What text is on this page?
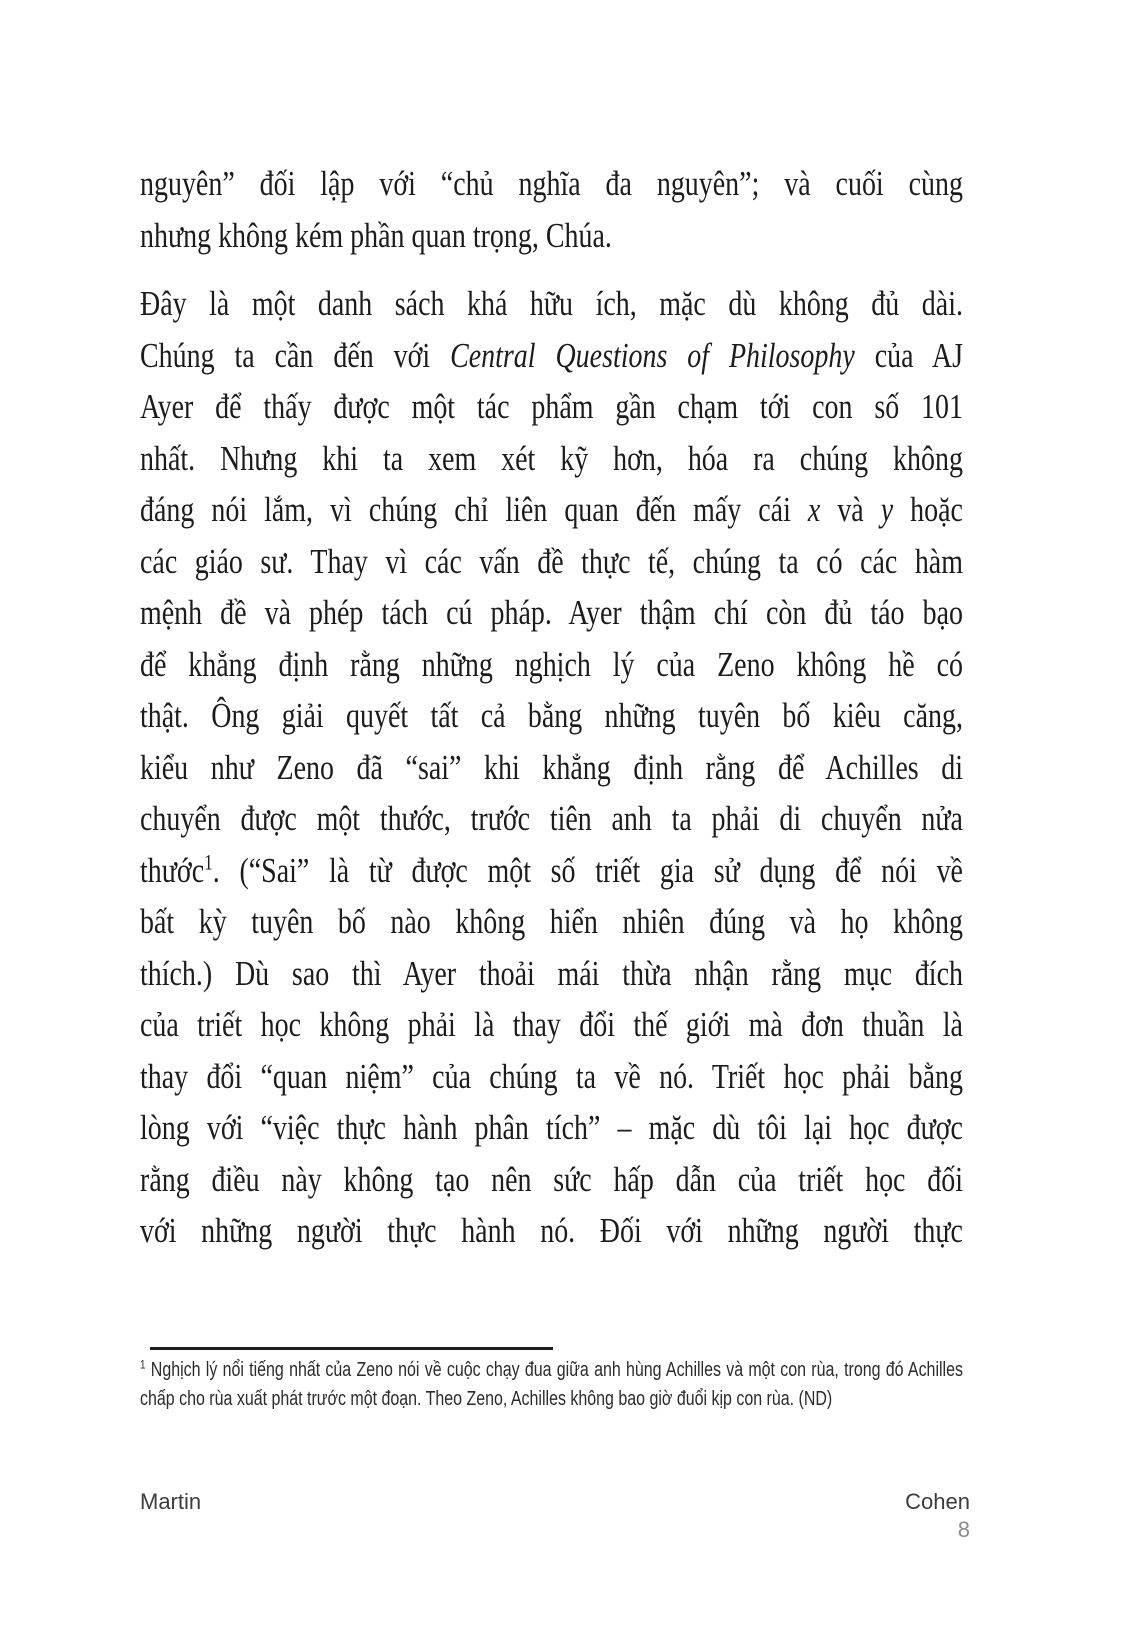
nguyên” đối lập với “chủ nghĩa đa nguyên”; và cuối cùng
nhưng không kém phần quan trọng, Chúa.
Đây là một danh sách khá hữu ích, mặc dù không đủ dài.
Chúng ta cần đến với Central Questions of Philosophy của AJ
Ayer để thấy được một tác phẩm gần chạm tới con số 101
nhất. Nhưng khi ta xem xét kỹ hơn, hóa ra chúng không
đáng nói lắm, vì chúng chỉ liên quan đến mấy cái x và y hoặc
các giáo sư. Thay vì các vấn đề thực tế, chúng ta có các hàm
mệnh đề và phép tách cú pháp. Ayer thậm chí còn đủ táo bạo
để khẳng định rằng những nghịch lý của Zeno không hề có
thật. Ông giải quyết tất cả bằng những tuyên bố kiêu căng,
kiểu như Zeno đã “sai” khi khẳng định rằng để Achilles di
chuyển được một thước, trước tiên anh ta phải di chuyển nửa
thước$^1$. (“Sai” là từ được một số triết gia sử dụng để nói về
bất kỳ tuyên bố nào không hiển nhiên đúng và họ không
thích.) Dù sao thì Ayer thoải mái thừa nhận rằng mục đích
của triết học không phải là thay đổi thế giới mà đơn thuần là
thay đổi “quan niệm” của chúng ta về nó. Triết học phải bằng
lòng với “việc thực hành phân tích” – mặc dù tôi lại học được
rằng điều này không tạo nên sức hấp dẫn của triết học đối
với những người thực hành nó. Đối với những người thực
$^1$ Nghịch lý nổi tiếng nhất của Zeno nói về cuộc chạy đua giữa anh hùng Achilles và một con rùa, trong đó Achilles
chấp cho rùa xuất phát trước một đoạn. Theo Zeno, Achilles không bao giờ đuổi kịp con rùa. (ND)
Martin	Cohen
8
